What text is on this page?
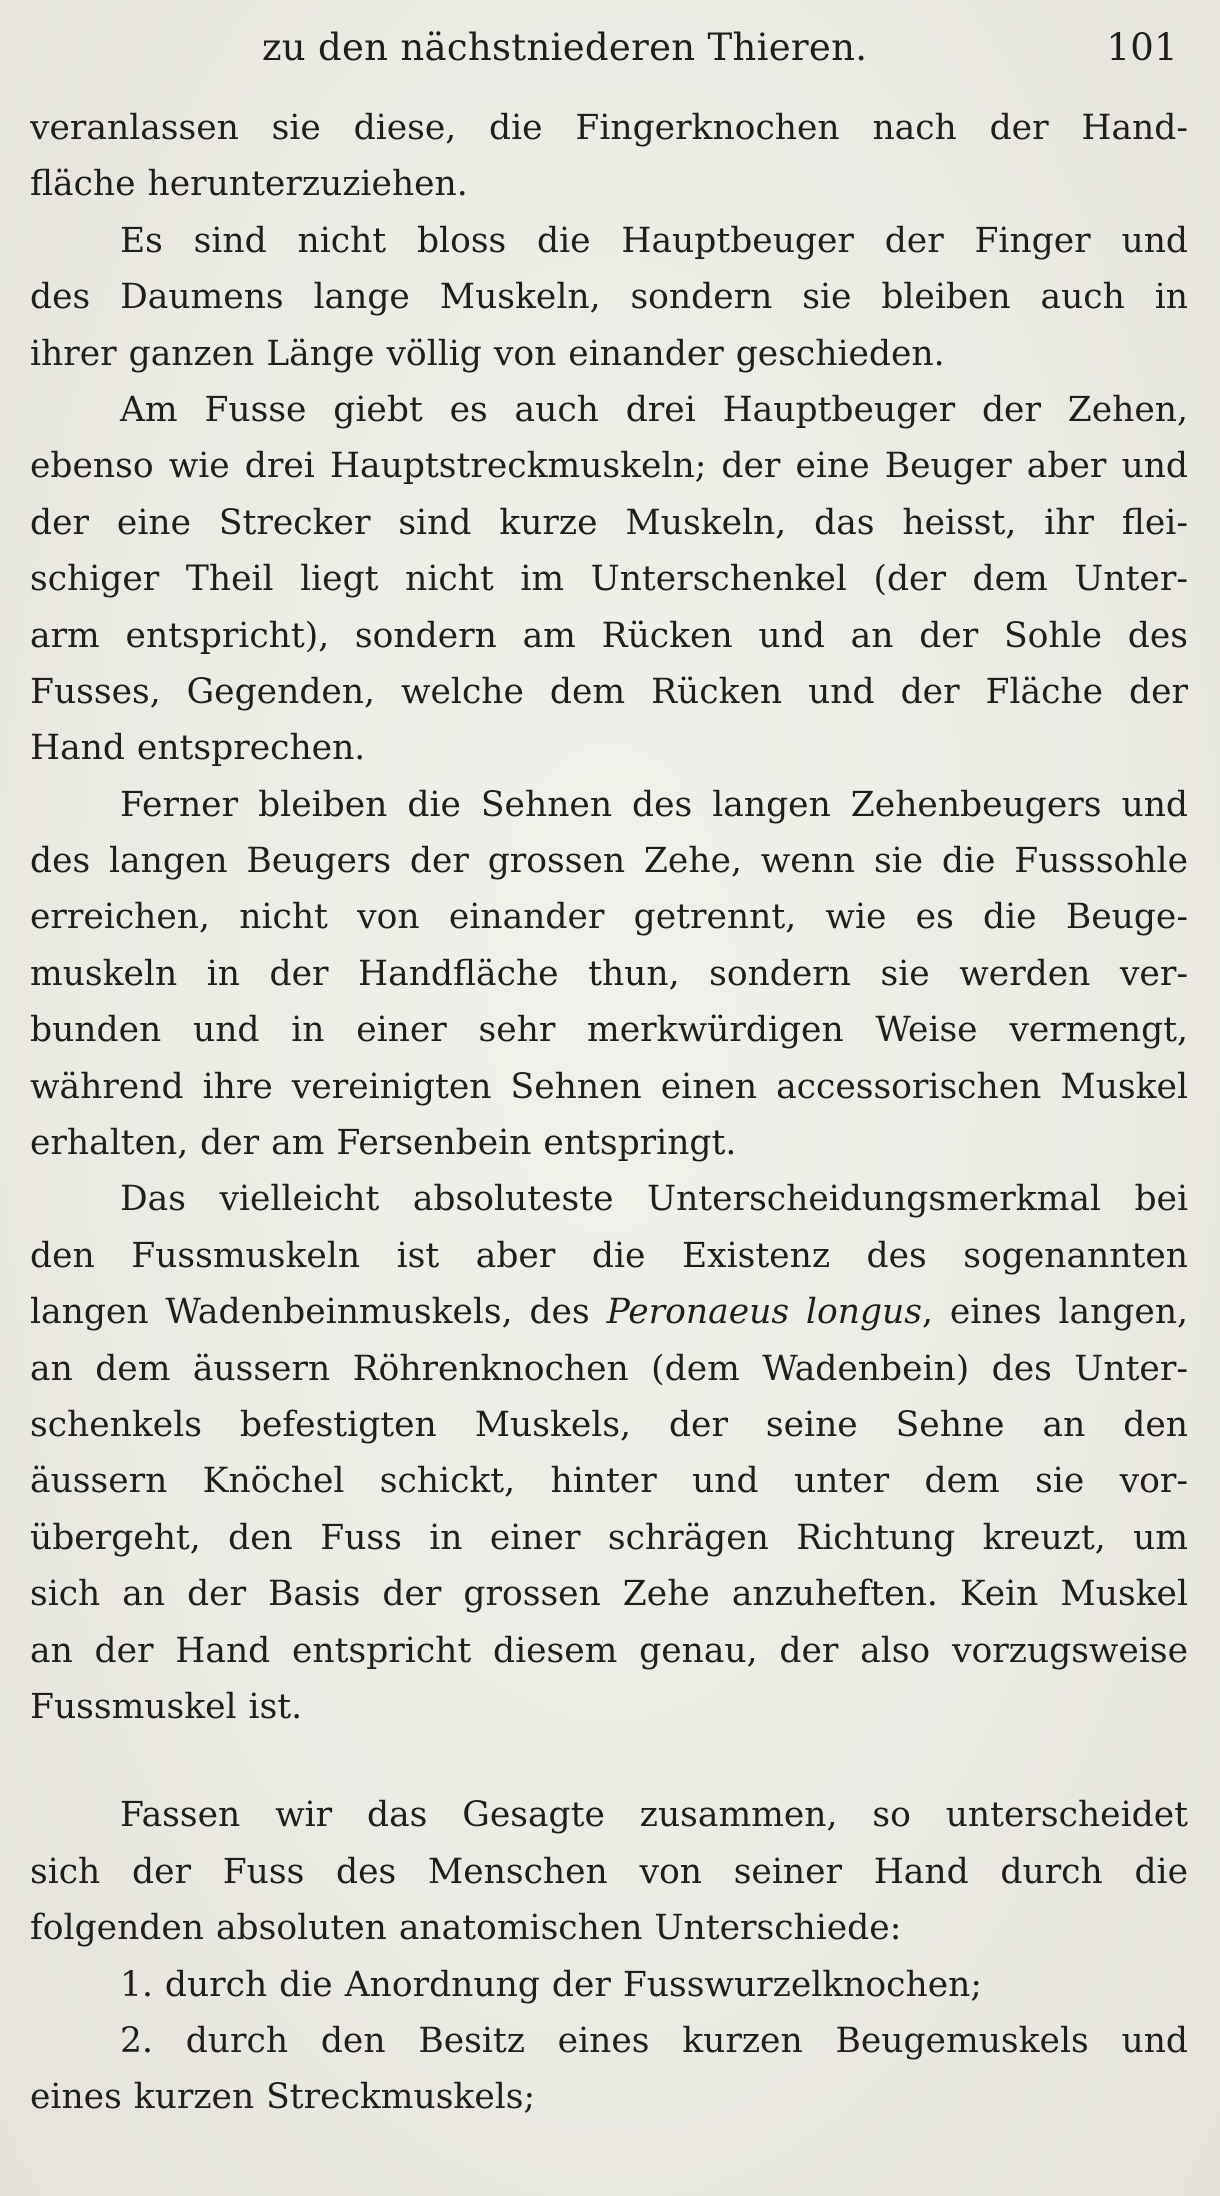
zu den nächstniederen Thieren.	101
veranlassen sie diese, die Fingerknochen nach der Hand-
fläche herunterzuziehen.
Es sind nicht bloss die Hauptbeuger der Finger und
des Daumens lange Muskeln, sondern sie bleiben auch in
ihrer ganzen Länge völlig von einander geschieden.
Am Fusse giebt es auch drei Hauptbeuger der Zehen,
ebenso wie drei Hauptstreckmuskeln; der eine Beuger aber und
der eine Strecker sind kurze Muskeln, das heisst, ihr flei-
schiger Theil liegt nicht im Unterschenkel (der dem Unter-
arm entspricht), sondern am Rücken und an der Sohle des
Fusses, Gegenden, welche dem Rücken und der Fläche der
Hand entsprechen.
Ferner bleiben die Sehnen des langen Zehenbeugers und
des langen Beugers der grossen Zehe, wenn sie die Fusssohle
erreichen, nicht von einander getrennt, wie es die Beuge-
muskeln in der Handfläche thun, sondern sie werden ver-
bunden und in einer sehr merkwürdigen Weise vermengt,
während ihre vereinigten Sehnen einen accessorischen Muskel
erhalten, der am Fersenbein entspringt.
Das vielleicht absoluteste Unterscheidungsmerkmal bei
den Fussmuskeln ist aber die Existenz des sogenannten
langen Wadenbeinmuskels, des Peronaeus longus, eines langen,
an dem äussern Röhrenknochen (dem Wadenbein) des Unter-
schenkels befestigten Muskels, der seine Sehne an den
äussern Knöchel schickt, hinter und unter dem sie vor-
übergeht, den Fuss in einer schrägen Richtung kreuzt, um
sich an der Basis der grossen Zehe anzuheften. Kein Muskel
an der Hand entspricht diesem genau, der also vorzugsweise
Fussmuskel ist.
Fassen wir das Gesagte zusammen, so unterscheidet
sich der Fuss des Menschen von seiner Hand durch die
folgenden absoluten anatomischen Unterschiede:
1. durch die Anordnung der Fusswurzelknochen;
2. durch den Besitz eines kurzen Beugemuskels und
eines kurzen Streckmuskels;
